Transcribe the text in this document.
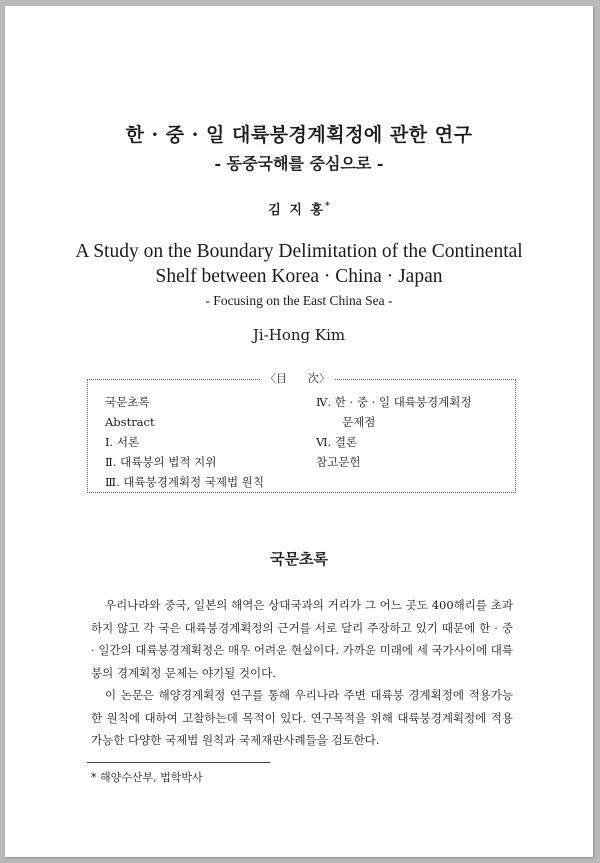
한 · 중 · 일 대륙붕경계획정에 관한 연구
- 동중국해를 중심으로 -
김 지 홍*
A Study on the Boundary Delimitation of the Continental
Shelf between Korea · China · Japan
- Focusing on the East China Sea -
Ji-Hong Kim
〈目      次〉
국문초록
Abstract
Ⅰ. 서론
Ⅱ. 대륙붕의 법적 지위
Ⅲ. 대륙붕경계획정 국제법 원칙
Ⅳ. 한 · 중 · 일 대륙붕경계획정
문제점
Ⅵ. 결론
참고문헌
국문초록

우리나라와 중국, 일본의 해역은 상대국과의 거리가 그 어느 곳도 400해리를 초과하지 않고 각 국은 대륙붕경계획정의 근거를 서로 달리 주장하고 있기 때문에 한 · 중 · 일간의 대륙붕경계획정은 매우 어려운 현실이다. 가까운 미래에 세 국가사이에 대륙붕의 경계획정 문제는 야기될 것이다.

이 논문은 해양경계획정 연구를 통해 우리나라 주변 대륙붕 경계획정에 적용가능한 원칙에 대하여 고찰하는데 목적이 있다. 연구목적을 위해 대륙붕경계획정에 적용가능한 다양한 국제법 원칙과 국제재판사례들을 검토한다.

* 해양수산부, 법학박사
